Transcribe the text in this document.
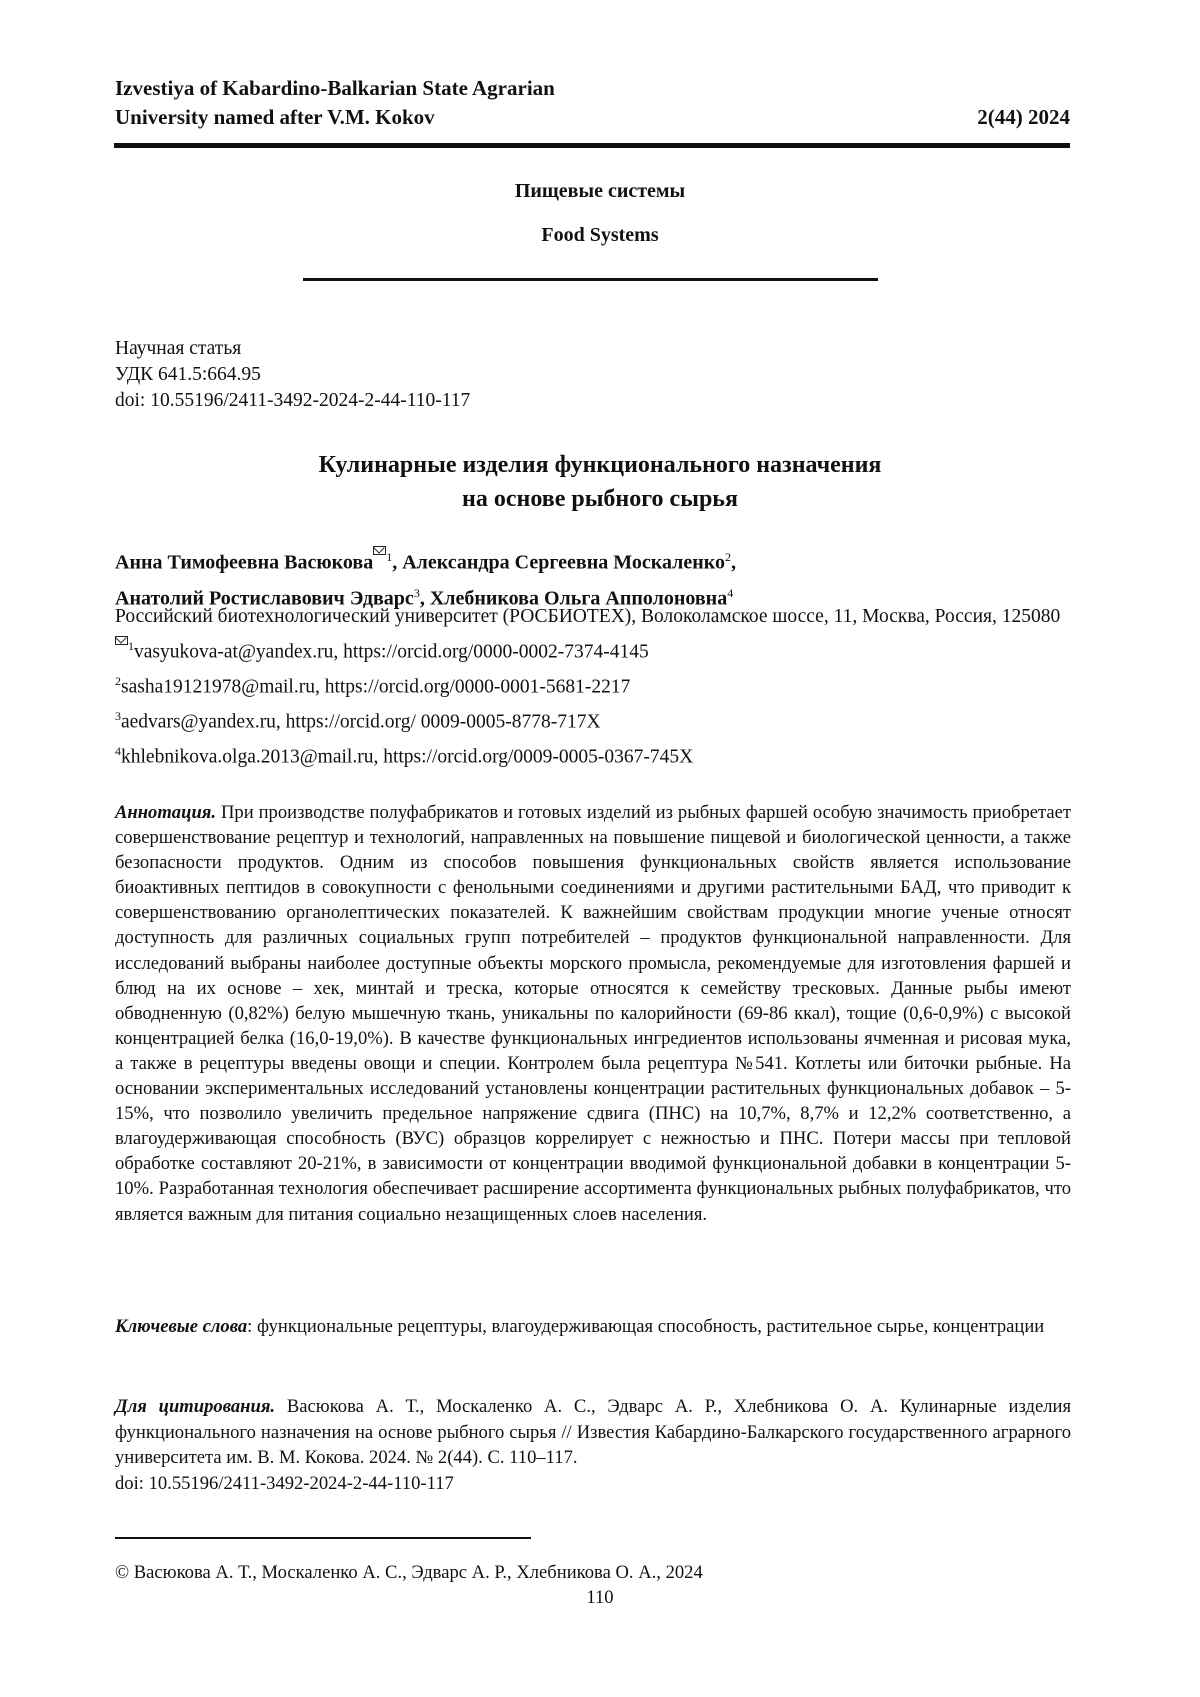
Izvestiya of Kabardino-Balkarian State Agrarian
University named after V.M. Kokov	2(44) 2024
Пищевые системы
Food Systems
Научная статья
УДК 641.5:664.95
doi: 10.55196/2411-3492-2024-2-44-110-117
Кулинарные изделия функционального назначения
на основе рыбного сырья
Анна Тимофеевна Васюкова 1, Александра Сергеевна Москаленко2,
Анатолий Ростиславович Эдварс3, Хлебникова Ольга Апполоновна4
Российский биотехнологический университет (РОСБИОТЕХ), Волоколамское шоссе, 11, Москва, Россия, 125080
1vasyukova-at@yandex.ru, https://orcid.org/0000-0002-7374-4145
2sasha19121978@mail.ru, https://orcid.org/0000-0001-5681-2217
3aedvars@yandex.ru, https://orcid.org/ 0009-0005-8778-717X
4khlebnikova.olga.2013@mail.ru, https://orcid.org/0009-0005-0367-745X
Аннотация. При производстве полуфабрикатов и готовых изделий из рыбных фаршей особую значимость приобретает совершенствование рецептур и технологий, направленных на повышение пищевой и биологической ценности, а также безопасности продуктов. Одним из способов повышения функциональных свойств является использование биоактивных пептидов в совокупности с фенольными соединениями и другими растительными БАД, что приводит к совершенствованию органолептических показателей. К важнейшим свойствам продукции многие ученые относят доступность для различных социальных групп потребителей – продуктов функциональной направленности. Для исследований выбраны наиболее доступные объекты морского промысла, рекомендуемые для изготовления фаршей и блюд на их основе – хек, минтай и треска, которые относятся к семейству тресковых. Данные рыбы имеют обводненную (0,82%) белую мышечную ткань, уникальны по калорийности (69-86 ккал), тощие (0,6-0,9%) с высокой концентрацией белка (16,0-19,0%). В качестве функциональных ингредиентов использованы ячменная и рисовая мука, а также в рецептуры введены овощи и специи. Контролем была рецептура №541. Котлеты или биточки рыбные. На основании экспериментальных исследований установлены концентрации растительных функциональных добавок – 5-15%, что позволило увеличить предельное напряжение сдвига (ПНС) на 10,7%, 8,7% и 12,2% соответственно, а влагоудерживающая способность (ВУС) образцов коррелирует с нежностью и ПНС. Потери массы при тепловой обработке составляют 20-21%, в зависимости от концентрации вводимой функциональной добавки в концентрации 5-10%. Разработанная технология обеспечивает расширение ассортимента функциональных рыбных полуфабрикатов, что является важным для питания социально незащищенных слоев населения.
Ключевые слова: функциональные рецептуры, влагоудерживающая способность, растительное сырье, концентрации
Для цитирования. Васюкова А. Т., Москаленко А. С., Эдварс А. Р., Хлебникова О. А. Кулинарные изделия функционального назначения на основе рыбного сырья // Известия Кабардино-Балкарского государственного аграрного университета им. В. М. Кокова. 2024. № 2(44). С. 110–117.
doi: 10.55196/2411-3492-2024-2-44-110-117
© Васюкова А. Т., Москаленко А. С., Эдварс А. Р., Хлебникова О. А., 2024
110
